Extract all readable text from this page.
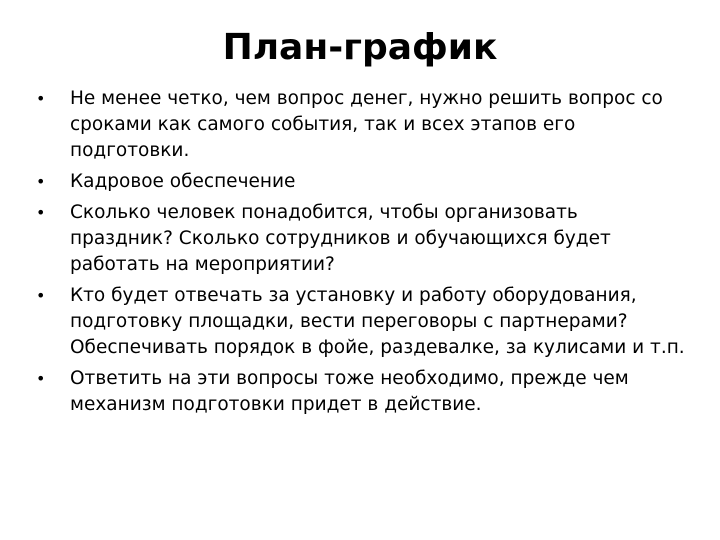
План-график
• Не менее четко, чем вопрос денег, нужно решить вопрос со сроками как самого события, так и всех этапов его подготовки.
• Кадровое обеспечение
• Сколько человек понадобится, чтобы организовать праздник? Сколько сотрудников и обучающихся будет работать на мероприятии?
• Кто будет отвечать за установку и работу оборудования, подготовку площадки, вести переговоры с партнерами? Обеспечивать порядок в фойе, раздевалке, за кулисами и т.п.
• Ответить на эти вопросы тоже необходимо, прежде чем механизм подготовки придет в действие.
